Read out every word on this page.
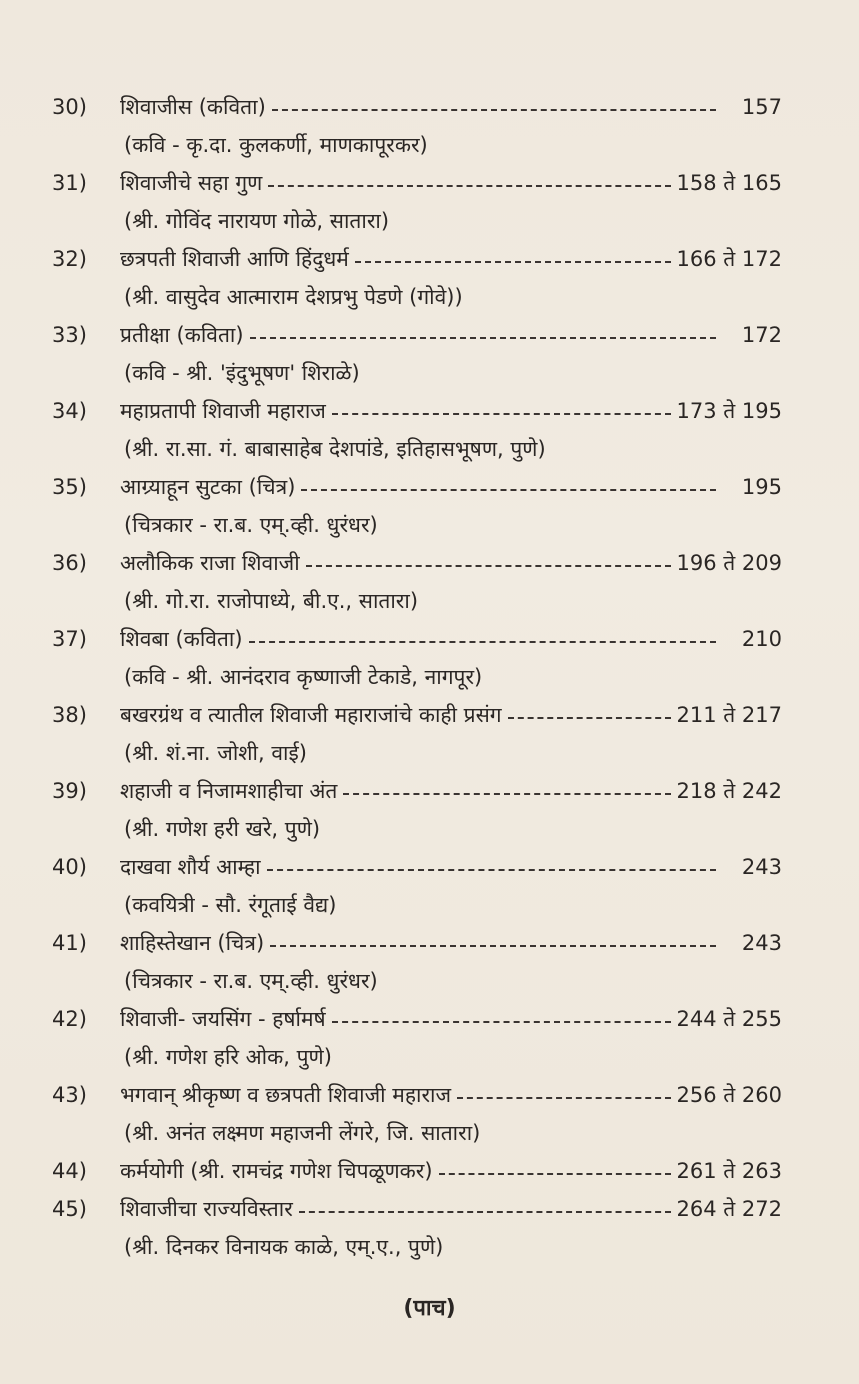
30)	शिवाजीस (कविता)	157
(कवि - कृ.दा. कुलकर्णी, माणकापूरकर)
31)	शिवाजीचे सहा गुण	158 ते 165
(श्री. गोविंद नारायण गोळे, सातारा)
32)	छत्रपती शिवाजी आणि हिंदुधर्म	166 ते 172
(श्री. वासुदेव आत्माराम देशप्रभु पेडणे (गोवे))
33)	प्रतीक्षा (कविता)	172
(कवि - श्री. 'इंदुभूषण' शिराळे)
34)	महाप्रतापी शिवाजी महाराज	173 ते 195
(श्री. रा.सा. गं. बाबासाहेब देशपांडे, इतिहासभूषण, पुणे)
35)	आग्र्याहून सुटका (चित्र)	195
(चित्रकार - रा.ब. एम्.व्ही. धुरंधर)
36)	अलौकिक राजा शिवाजी	196 ते 209
(श्री. गो.रा. राजोपाध्ये, बी.ए., सातारा)
37)	शिवबा (कविता)	210
(कवि - श्री. आनंदराव कृष्णाजी टेकाडे, नागपूर)
38)	बखरग्रंथ व त्यातील शिवाजी महाराजांचे काही प्रसंग	211 ते 217
(श्री. शं.ना. जोशी, वाई)
39)	शहाजी व निजामशाहीचा अंत	218 ते 242
(श्री. गणेश हरी खरे, पुणे)
40)	दाखवा शौर्य आम्हा	243
(कवयित्री - सौ. रंगूताई वैद्य)
41)	शाहिस्तेखान (चित्र)	243
(चित्रकार - रा.ब. एम्.व्ही. धुरंधर)
42)	शिवाजी- जयसिंग - हर्षामर्ष	244 ते 255
(श्री. गणेश हरि ओक, पुणे)
43)	भगवान् श्रीकृष्ण व छत्रपती शिवाजी महाराज	256 ते 260
(श्री. अनंत लक्ष्मण महाजनी लेंगरे, जि. सातारा)
44)	कर्मयोगी (श्री. रामचंद्र गणेश चिपळूणकर)	261 ते 263
45)	शिवाजीचा राज्यविस्तार	264 ते 272
(श्री. दिनकर विनायक काळे, एम्.ए., पुणे)
(पाच)
